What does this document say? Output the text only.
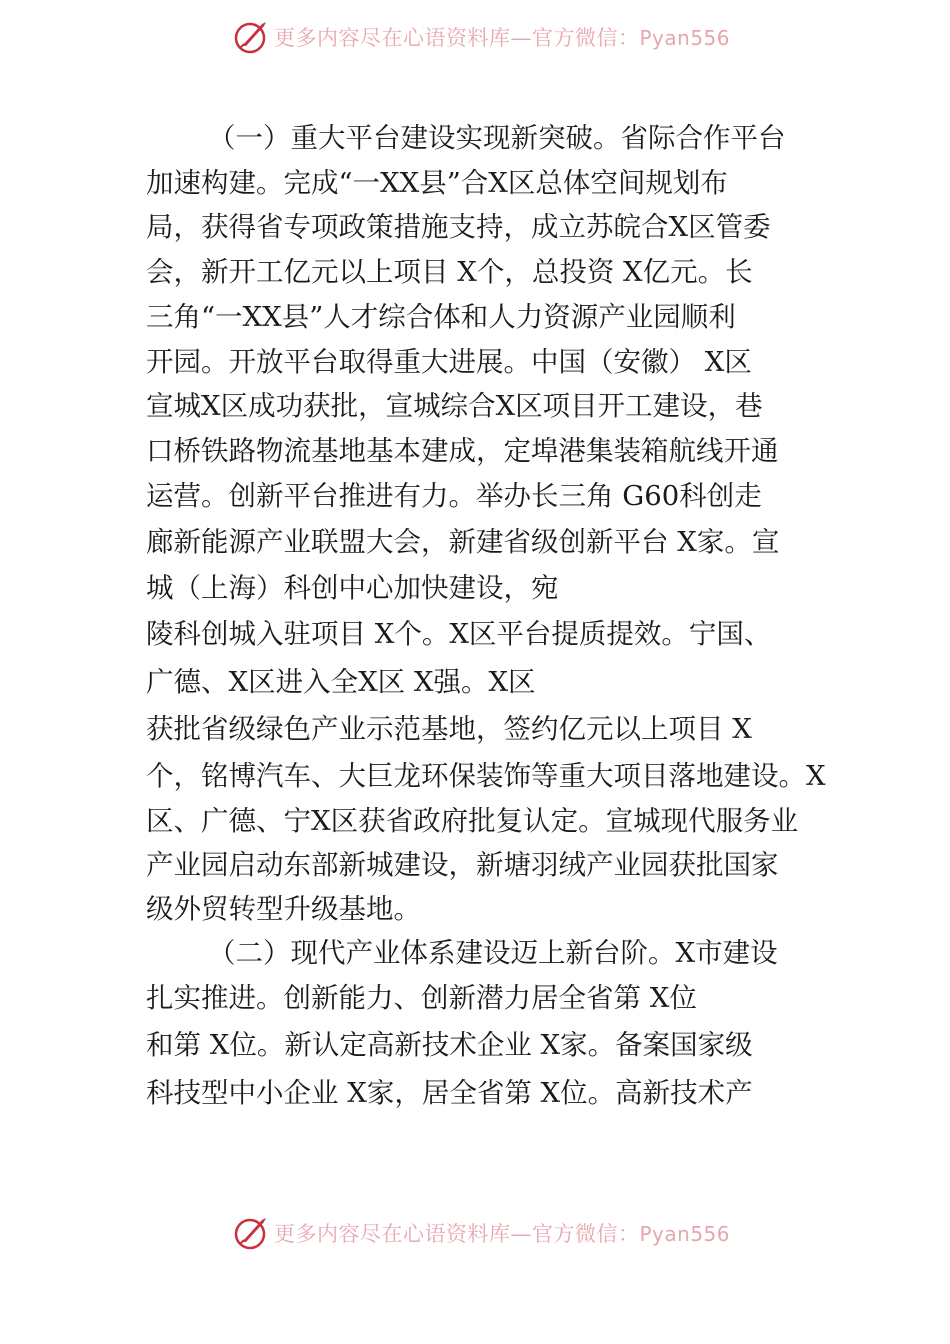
更多内容尽在心语资料库—官方微信：Pyan556
（一）重大平台建设实现新突破。省际合作平台
加速构建。完成“一XX县”合X区总体空间规划布
局，获得省专项政策措施支持，成立苏皖合X区管委
会，新开工亿元以上项目 X个，总投资 X亿元。长
三角“一XX县”人才综合体和人力资源产业园顺利
开园。开放平台取得重大进展。中国（安徽） X区
宣城X区成功获批，宣城综合X区项目开工建设，巷
口桥铁路物流基地基本建成，定埠港集装箱航线开通
运营。创新平台推进有力。举办长三角 G60科创走
廊新能源产业联盟大会，新建省级创新平台 X家。宣
城（上海）科创中心加快建设，宛
陵科创城入驻项目 X个。X区平台提质提效。宁国、
广德、X区进入全X区 X强。X区
获批省级绿色产业示范基地，签约亿元以上项目 X
个，铭博汽车、大巨龙环保装饰等重大项目落地建设。X
区、广德、宁X区获省政府批复认定。宣城现代服务业
产业园启动东部新城建设，新塘羽绒产业园获批国家
级外贸转型升级基地。
（二）现代产业体系建设迈上新台阶。X市建设
扎实推进。创新能力、创新潜力居全省第 X位
和第 X位。新认定高新技术企业 X家。备案国家级
科技型中小企业 X家，居全省第 X位。高新技术产
更多内容尽在心语资料库—官方微信：Pyan556
